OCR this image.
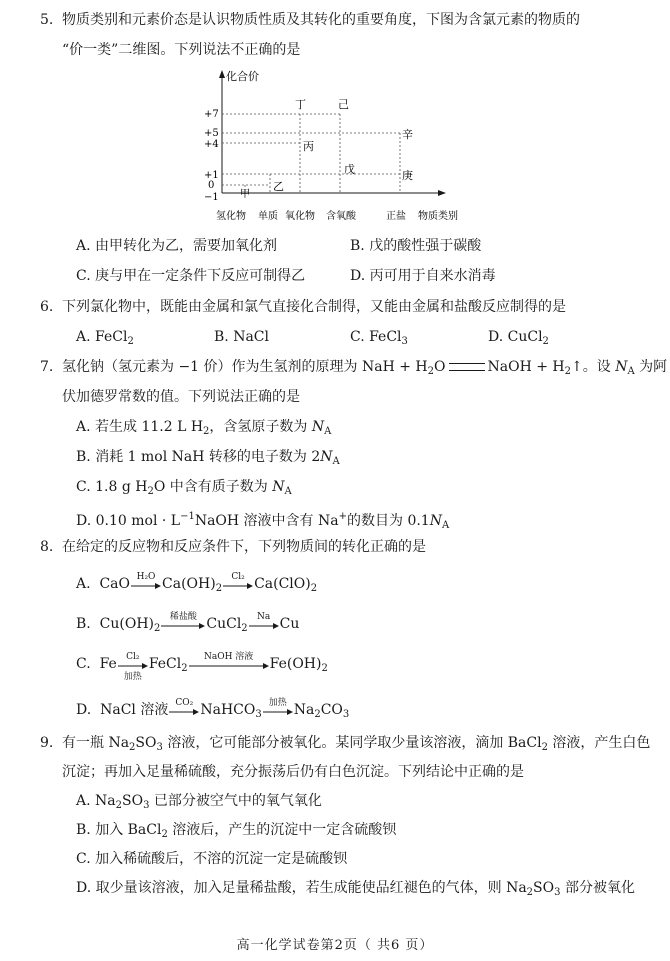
5. 物质类别和元素价态是认识物质性质及其转化的重要角度，下图为含氯元素的物质的
“价一类”二维图。下列说法不正确的是
化合价
+7
+5
+4
+1
0
−1 甲
乙
丙
丁
戊
己
庚
辛
氢化物 单质 氧化物 含氧酸	正盐 物质类别
A. 由甲转化为乙，需要加氧化剂	B. 戊的酸性强于碳酸
C. 庚与甲在一定条件下反应可制得乙	D. 丙可用于自来水消毒
6. 下列氯化物中，既能由金属和氯气直接化合制得，又能由金属和盐酸反应制得的是
A. FeCl$_2$	B. NaCl	C. FeCl$_3$	D. CuCl$_2$
7. 氢化钠（氢元素为 −1 价）作为生氢剂的原理为 NaH + $H_2O$	NaOH + $H_2↑$。设 $N_A$ 为阿
伏加德罗常数的值。下列说法正确的是
A. 若生成 11.2 L $H_2$，含氢原子数为 $N_A$
B. 消耗 1 mol NaH 转移的电子数为 $2N_A$
C. 1.8 g $H_2O$ 中含有质子数为 $N_A$
D. 0.10 mol · $L^{-1}NaOH$ 溶液中含有 Na+的数目为 $0.1N_A$
8. 在给定的反应物和反应条件下，下列物质间的转化正确的是
A. CaO H₂O $Ca(OH)_2$
Cl₂ $Ca(ClO)_2$
B. $Cu(OH)_2$
稀盐酸 CuCl$_2$
Na Cu
C. Fe	Cl₂
加热
FeCl$_2$
NaOH 溶液	$Fe(OH)_2$
D. NaCl 溶液 CO₂ NaHCO$_3$
加热 $Na_2CO_3$
9. 有一瓶 $Na_2SO_3$ 溶液，它可能部分被氧化。某同学取少量该溶液，滴加 BaCl$_2$ 溶液，产生白色
沉淀；再加入足量稀硫酸，充分振荡后仍有白色沉淀。下列结论中正确的是
A. $Na_2SO_3$ 已部分被空气中的氧气氧化
B. 加入 BaCl$_2$ 溶液后，产生的沉淀中一定含硫酸钡
C. 加入稀硫酸后，不溶的沉淀一定是硫酸钡
D. 取少量该溶液，加入足量稀盐酸，若生成能使品红褪色的气体，则 $Na_2SO_3$ 部分被氧化
高一化学试卷第2页（ 共6 页）
